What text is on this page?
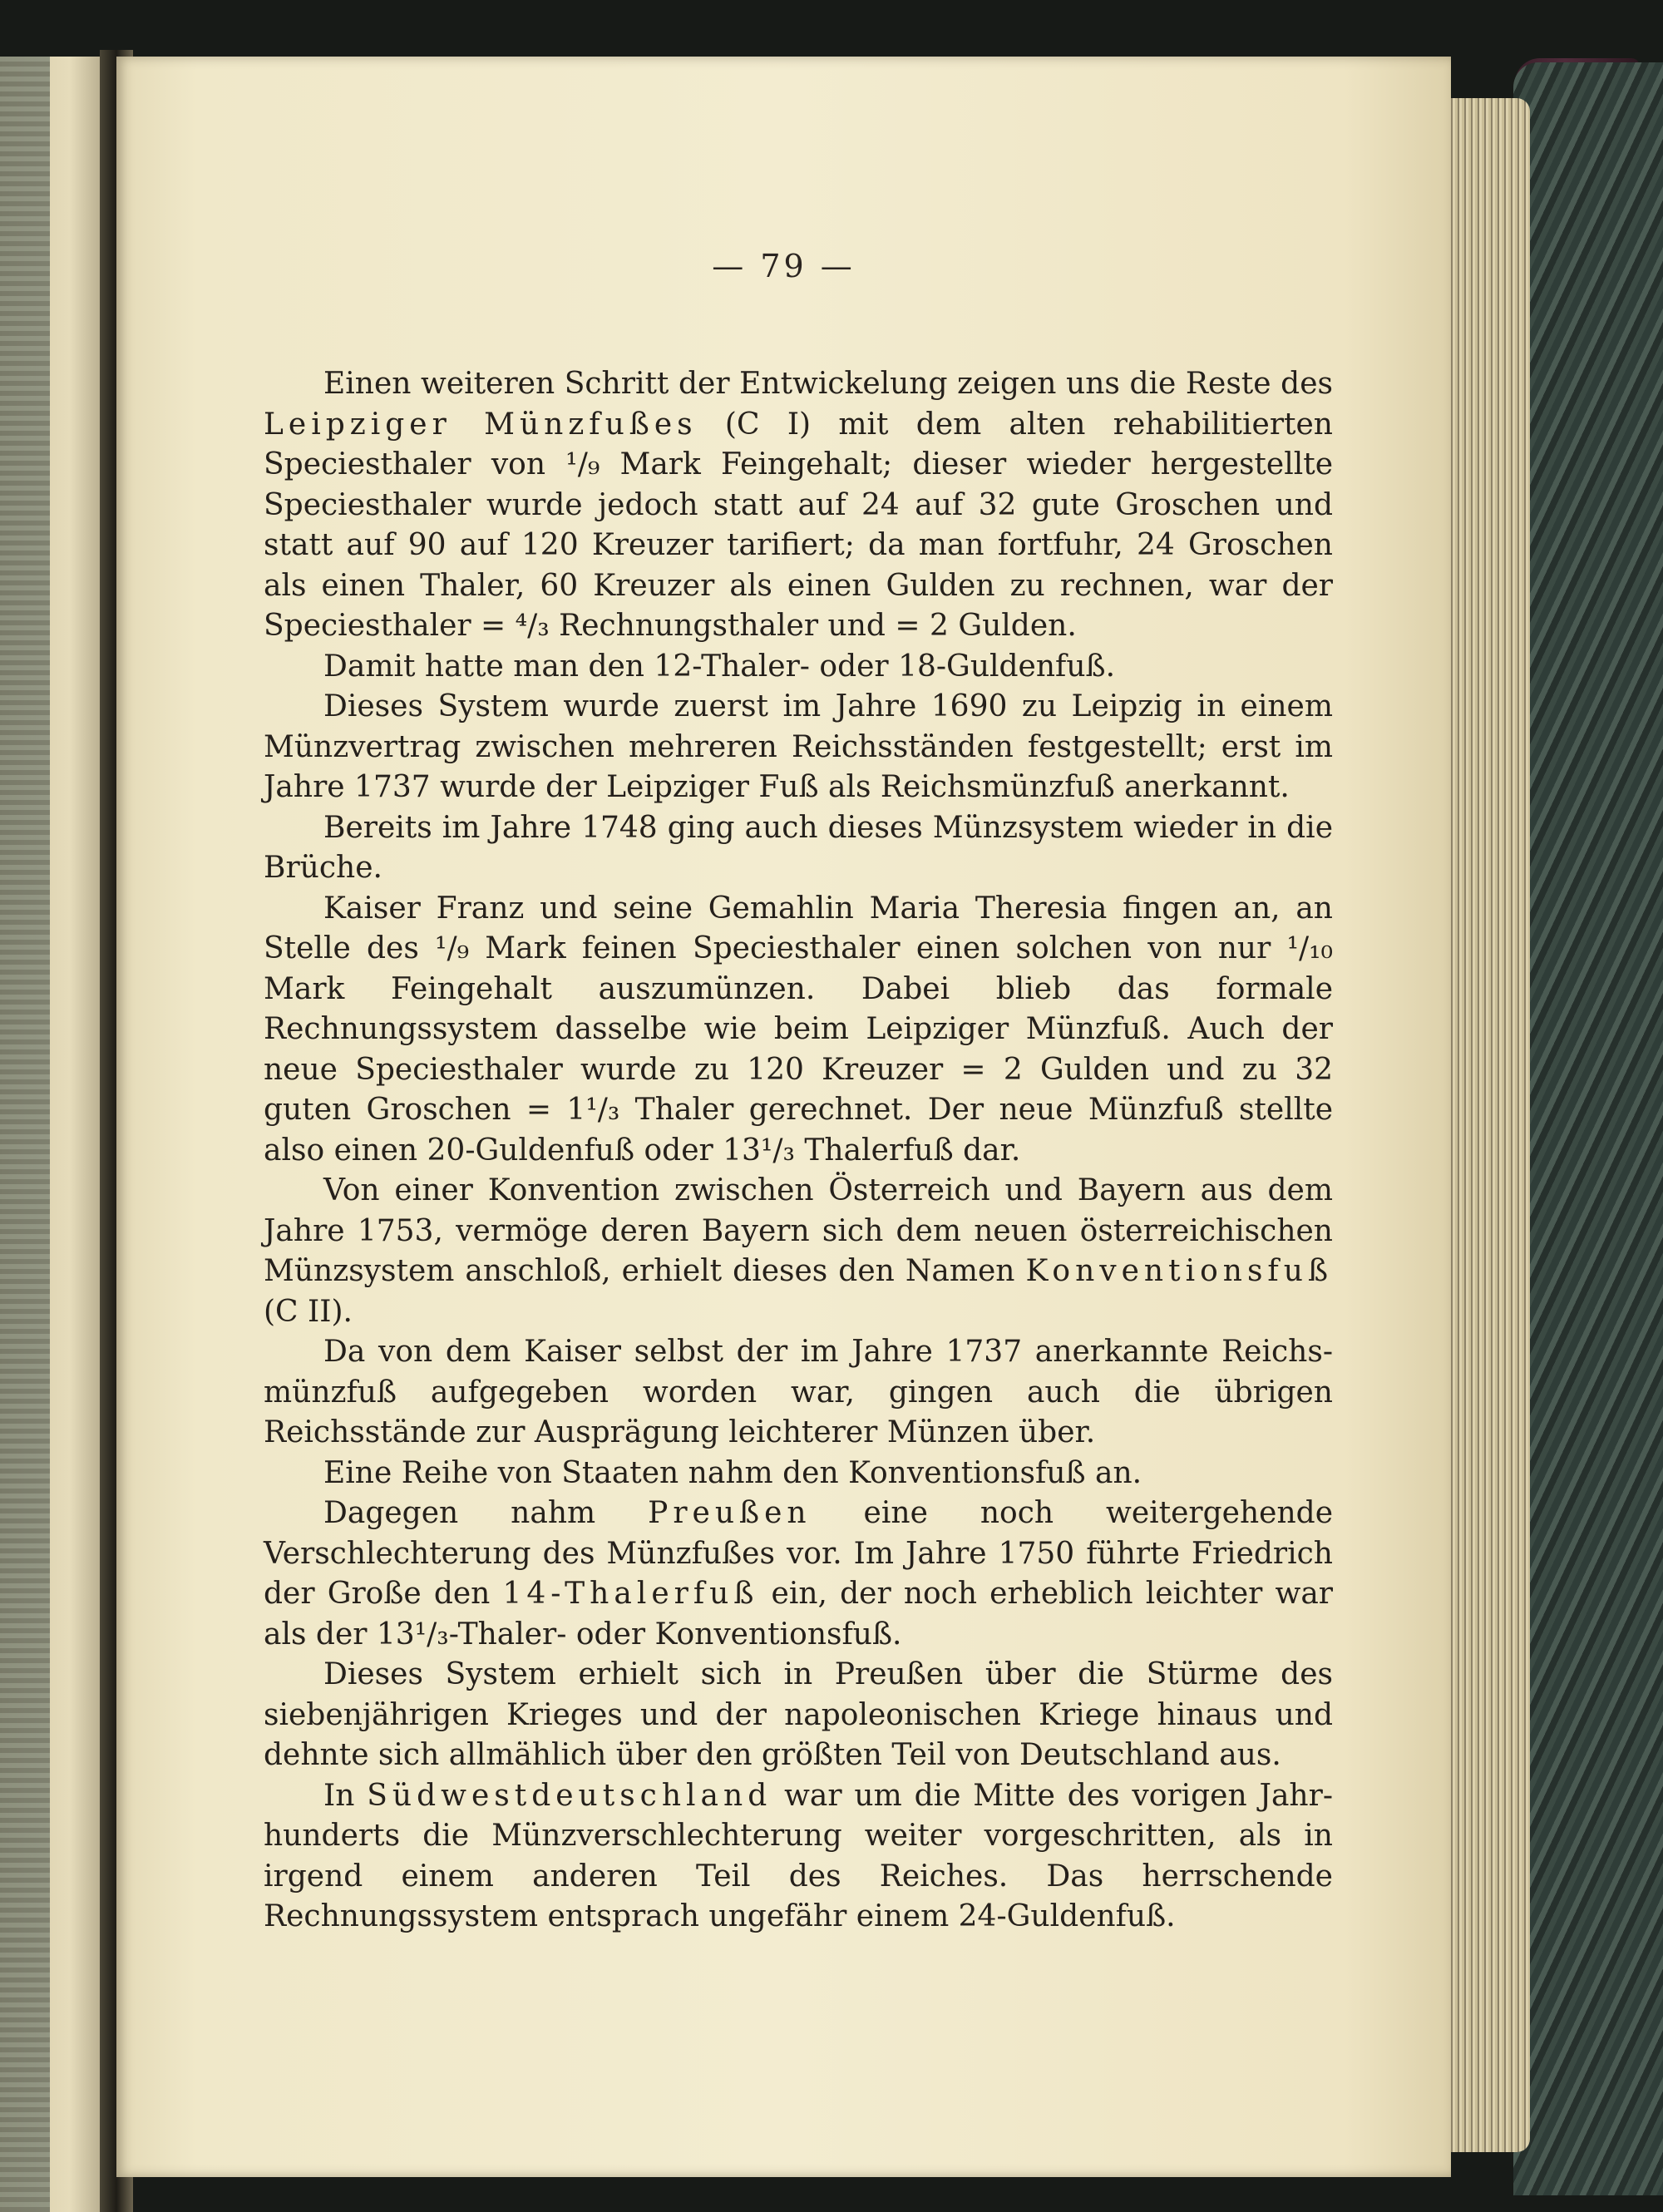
— 79 —

Einen weiteren Schritt der Entwickelung zeigen uns die Reste des Leipziger Münzfußes (C I) mit dem alten rehabilitierten Speciesthaler von ¹/₉ Mark Feingehalt; dieser wieder hergestellte Speciesthaler wurde jedoch statt auf 24 auf 32 gute Groschen und statt auf 90 auf 120 Kreuzer tarifiert; da man fortfuhr, 24 Groschen als einen Thaler, 60 Kreuzer als einen Gulden zu rechnen, war der Speciesthaler = ⁴/₃ Rechnungsthaler und = 2 Gulden.

Damit hatte man den 12-Thaler- oder 18-Guldenfuß.

Dieses System wurde zuerst im Jahre 1690 zu Leipzig in einem Münzvertrag zwischen mehreren Reichsständen festgestellt; erst im Jahre 1737 wurde der Leipziger Fuß als Reichsmünzfuß anerkannt.

Bereits im Jahre 1748 ging auch dieses Münzsystem wieder in die Brüche.

Kaiser Franz und seine Gemahlin Maria Theresia fingen an, an Stelle des ¹/₉ Mark feinen Speciesthaler einen solchen von nur ¹/₁₀ Mark Feingehalt auszumünzen. Dabei blieb das formale Rechnungssystem dasselbe wie beim Leipziger Münzfuß. Auch der neue Speciesthaler wurde zu 120 Kreuzer = 2 Gulden und zu 32 guten Groschen = 1¹/₃ Thaler gerechnet. Der neue Münzfuß stellte also einen 20-Guldenfuß oder 13¹/₃ Thalerfuß dar.

Von einer Konvention zwischen Österreich und Bayern aus dem Jahre 1753, vermöge deren Bayern sich dem neuen österreichischen Münzsystem anschloß, erhielt dieses den Namen Konventionsfuß (C II).

Da von dem Kaiser selbst der im Jahre 1737 anerkannte Reichsmünzfuß aufgegeben worden war, gingen auch die übrigen Reichsstände zur Ausprägung leichterer Münzen über.

Eine Reihe von Staaten nahm den Konventionsfuß an.

Dagegen nahm Preußen eine noch weitergehende Verschlechterung des Münzfußes vor. Im Jahre 1750 führte Friedrich der Große den 14-Thalerfuß ein, der noch erheblich leichter war als der 13¹/₃-Thaler- oder Konventionsfuß.

Dieses System erhielt sich in Preußen über die Stürme des siebenjährigen Krieges und der napoleonischen Kriege hinaus und dehnte sich allmählich über den größten Teil von Deutschland aus.

In Südwestdeutschland war um die Mitte des vorigen Jahrhunderts die Münzverschlechterung weiter vorgeschritten, als in irgend einem anderen Teil des Reiches. Das herrschende Rechnungssystem entsprach ungefähr einem 24-Guldenfuß.
